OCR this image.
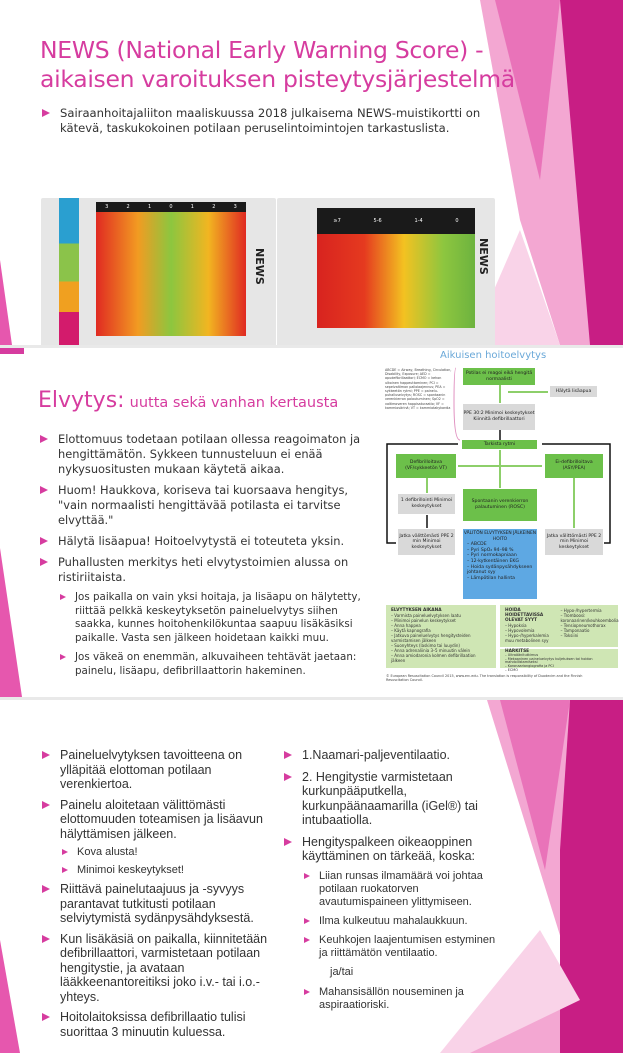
NEWS (National Early Warning Score) -
aikaisen varoituksen pisteytysjärjestelmä
Sairaanhoitajaliiton maaliskuussa 2018 julkaisema NEWS-muistikortti on kätevä, taskukokoinen potilaan peruselintoimintojen tarkastuslista.
3	2	1	0	1	2	3
NEWS
≥7	5-6	1-4	0
NEWS
Elvytys: uutta sekä vanhan kertausta
Elottomuus todetaan potilaan ollessa reagoimaton ja hengittämätön. Sykkeen tunnusteluun ei enää nykysuositusten mukaan käytetä aikaa.
Huom! Haukkova, koriseva tai kuorsaava hengitys, "vain normaalisti hengittävää potilasta ei tarvitse elvyttää."
Hälytä lisäapua! Hoitoelvytystä ei toteuteta yksin.
Puhallusten merkitys heti elvytystoimien alussa on ristiriitaista.
Jos paikalla on vain yksi hoitaja, ja lisäapu on hälytetty, riittää pelkkä keskeytyksetön paineluelvytys siihen saakka, kunnes hoitohenkilökuntaa saapuu lisäkäsiksi paikalle. Vasta sen jälkeen hoidetaan kaikki muu.
Jos väkeä on enemmän, alkuvaiheen tehtävät jaetaan: painelu, lisäapu, defibrillaattorin hakeminen.
Aikuisen hoitoelvytys
ABCDE = Airway, Breathing, Circulation, Disability, Exposure; AED = apudefibrillaattori; ECMO = kehon ulkoinen happeuttaminen; PCI = sepelvaltimon pallolaajennus; PEA = sykkeetön rytmi; PPE = painelu-puhalluselvytys; ROSC = spontaanin verenkierron palautuminen; SpO2 = valtimoveren happisaturaatio; VF = kammiovärinä; VT = kammiotakykardia
Potilas ei reagoi eikä hengitä normaalisti
Hälytä lisäapua
PPE 30:2 Minimoi keskeytykset Kiinnitä defibrillaattori
Tarkista rytmi
Defibrilloitava (VF/sykkeetön VT)
Ei-defibrilloitava (ASY/PEA)
1 defibrillointi Minimoi keskeytykset
Spontaanin verenkierron palautuminen (ROSC)
Jatka välittömästi PPE 2 min Minimoi keskeytykset
Jatka välittömästi PPE 2 min Minimoi keskeytykset
VÄLITÖN ELVYTYKSEN JÄLKEINEN HOITO
– ABCDE
– Pyri SpO₂ 94–98 %
– Pyri normokapniaan
– 12-kytkentäinen EKG
– Hoida sydänpysähdykseen johtanut syy
– Lämpötilan hallinta
ELVYTYKSEN AIKANA
– Varmista paineluelvytyksen laatu
– Minimoi painelun keskeytykset
– Anna happea
– Käytä kapnografia
– Jatkuva paineluelvytys hengitysteiden varmistamisen jälkeen
– Suonyhteys (laskimo tai luuydin)
– Anna adrenaliinia 3–5 minuutin välein
– Anna amiodaronia kolmen defibrillaation jälkeen
HOIDA HOIDETTAVISSA OLEVAT SYYT
– Hypoksia
– Hypovolemia
– Hypo-/hyperkalemia muu metabolinen syy
– Hypo-/hypertermia
– Tromboosi: koronaarinen/keuhkoembolia
– Tensiopneumothorax
– Tamponaatio
– Toksiini
HARKITSE
– Ultraäänitutkimus
– Mekaaninen paineluelvytys kuljetuksen tai hoidon mahdollistamiseksi
– Koronaariangiografia ja PCI
– ECMO
© European Resuscitation Council 2015, www.erc.edu. The translation is responsibility of Duodecim and the Finnish Resuscitation Council.
Paineluelvytyksen tavoitteena on ylläpitää elottoman potilaan verenkiertoa.
Painelu aloitetaan välittömästi elottomuuden toteamisen ja lisäavun hälyttämisen jälkeen.
Kova alusta!
Minimoi keskeytykset!
Riittävä painelutaajuus ja -syvyys parantavat tutkitusti potilaan selviytymistä sydänpysähdyksestä.
Kun lisäkäsiä on paikalla, kiinnitetään defibrillaattori, varmistetaan potilaan hengitystie, ja avataan lääkkeenantoreitiksi joko i.v.- tai i.o.-yhteys.
Hoitolaitoksissa defibrillaatio tulisi suorittaa 3 minuutin kuluessa.
1.Naamari-paljeventilaatio.
2. Hengitystie varmistetaan kurkunpääputkella, kurkunpäänaamarilla (iGel®) tai intubaatiolla.
Hengityspalkeen oikeaoppinen käyttäminen on tärkeää, koska:
Liian runsas ilmamäärä voi johtaa potilaan ruokatorven avautumispaineen ylittymiseen.
Ilma kulkeutuu mahalaukkuun.
Keuhkojen laajentumisen estyminen ja riittämätön ventilaatio.
ja/tai
Mahansisällön nouseminen ja aspiraatioriski.
